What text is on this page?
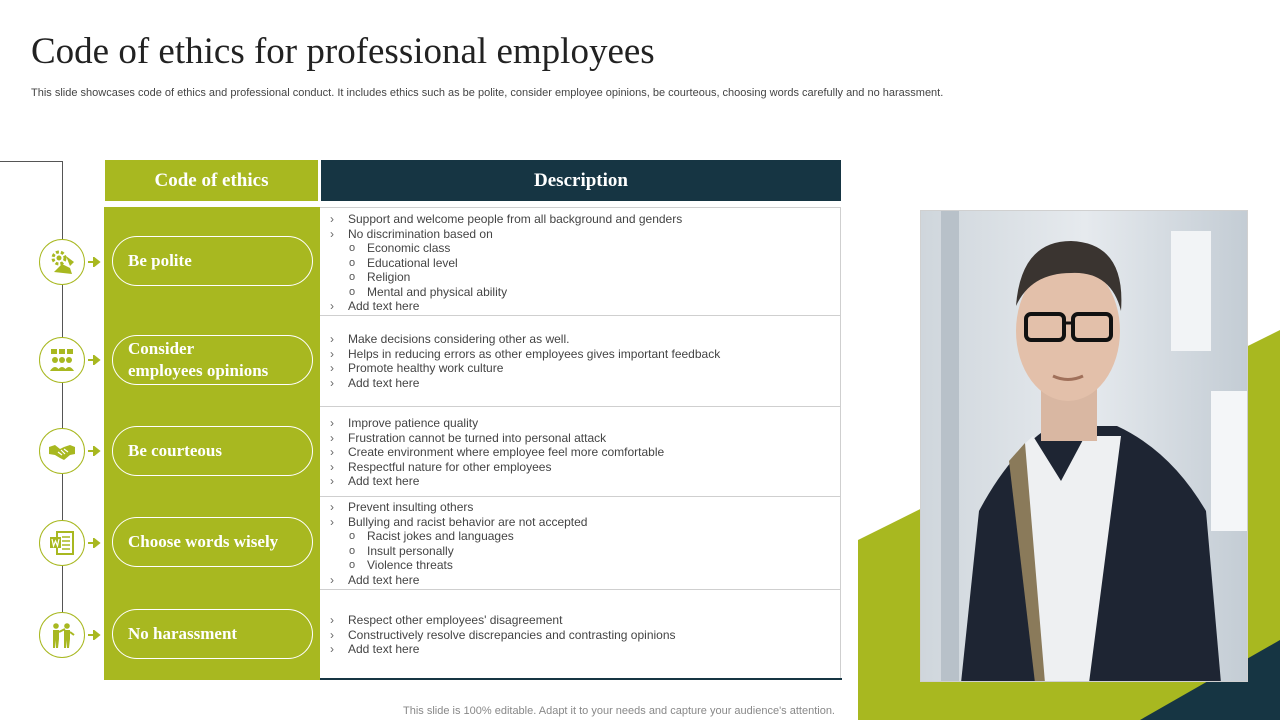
Code of ethics for professional employees

This slide showcases code of ethics and professional conduct. It includes ethics such as be polite, consider employee opinions, be courteous, choosing words carefully and no harassment.

Code of ethics	Description
Be polite
Consider
employees opinions
Be courteous
Choose words wisely
No harassment
› Support and welcome people from all background and genders
› No discrimination based on
o Economic class
o Educational level
o Religion
o Mental and physical ability
› Add text here
› Make decisions considering other as well.
› Helps in reducing errors as other employees gives important feedback
› Promote healthy work culture
› Add text here
› Improve patience quality
› Frustration cannot be turned into personal attack
› Create environment where employee feel more comfortable
› Respectful nature for other employees
› Add text here
› Prevent insulting others
› Bullying and racist behavior are not accepted
o Racist jokes and languages
o Insult personally
o Violence threats
› Add text here
› Respect other employees' disagreement
› Constructively resolve discrepancies and contrasting opinions
› Add text here
This slide is 100% editable. Adapt it to your needs and capture your audience's attention.
